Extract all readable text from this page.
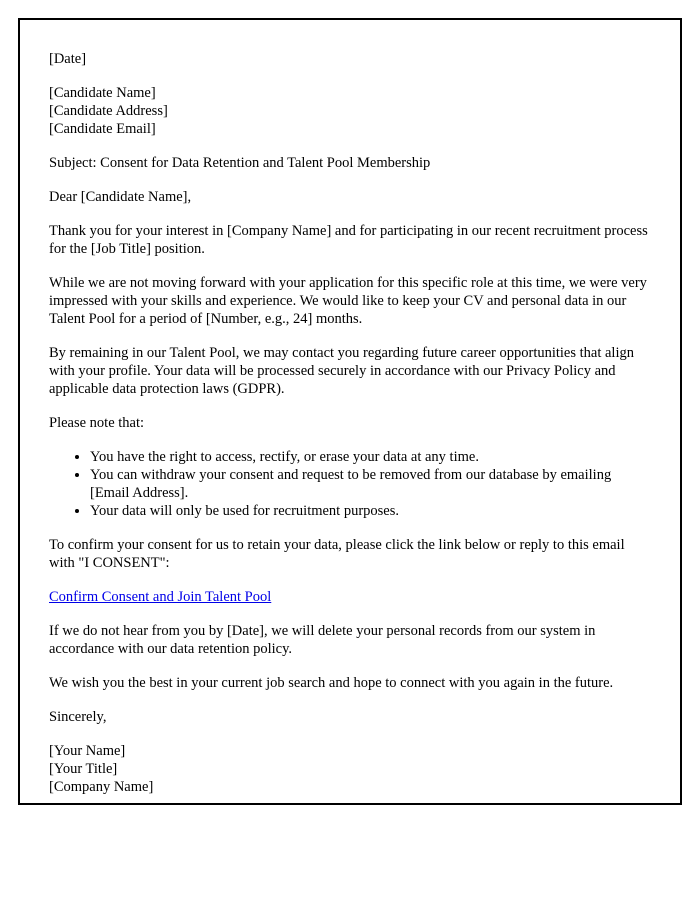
[Date]

[Candidate Name]
[Candidate Address]
[Candidate Email]

Subject: Consent for Data Retention and Talent Pool Membership

Dear [Candidate Name],

Thank you for your interest in [Company Name] and for participating in our recent recruitment process for the [Job Title] position.

While we are not moving forward with your application for this specific role at this time, we were very impressed with your skills and experience. We would like to keep your CV and personal data in our Talent Pool for a period of [Number, e.g., 24] months.

By remaining in our Talent Pool, we may contact you regarding future career opportunities that align with your profile. Your data will be processed securely in accordance with our Privacy Policy and applicable data protection laws (GDPR).

Please note that:

• You have the right to access, rectify, or erase your data at any time.
• You can withdraw your consent and request to be removed from our database by emailing [Email Address].
• Your data will only be used for recruitment purposes.

To confirm your consent for us to retain your data, please click the link below or reply to this email with "I CONSENT":

Confirm Consent and Join Talent Pool

If we do not hear from you by [Date], we will delete your personal records from our system in accordance with our data retention policy.

We wish you the best in your current job search and hope to connect with you again in the future.

Sincerely,

[Your Name]
[Your Title]
[Company Name]
